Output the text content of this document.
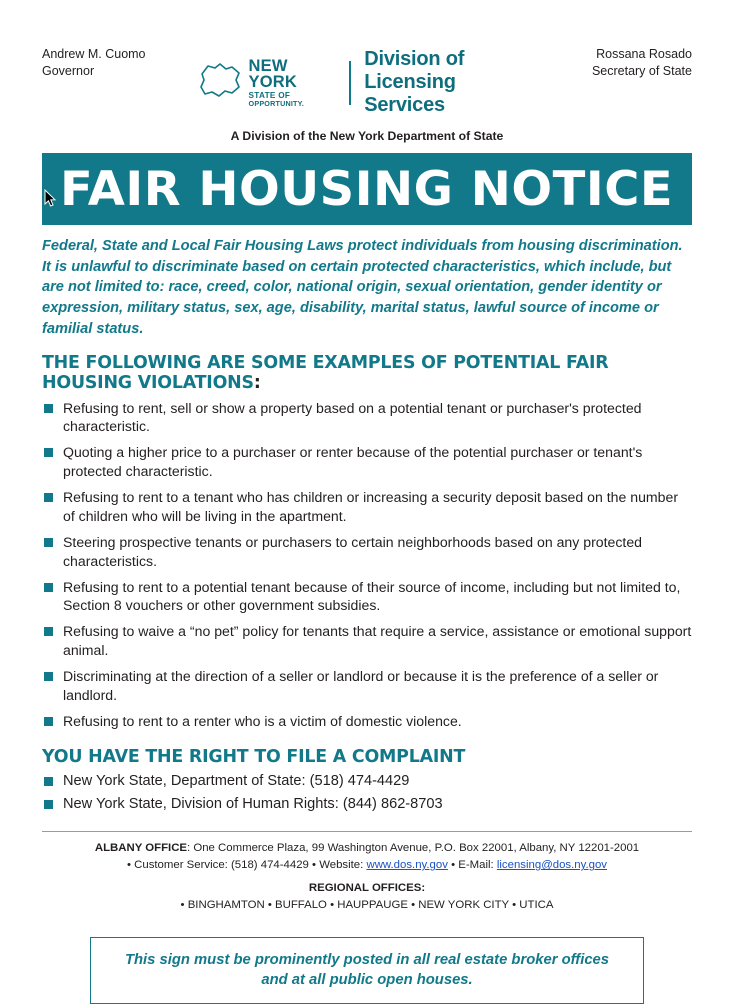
Andrew M. Cuomo
Governor	NEW YORK
STATE OF
OPPORTUNITY.
Division of
Licensing Services
Rossana Rosado
Secretary of State
A Division of the New York Department of State
FAIR HOUSING NOTICE
Federal, State and Local Fair Housing Laws protect individuals from housing discrimination. It is unlawful to discriminate based on certain protected characteristics, which include, but are not limited to: race, creed, color, national origin, sexual orientation, gender identity or expression, military status, sex, age, disability, marital status, lawful source of income or familial status.
THE FOLLOWING ARE SOME EXAMPLES OF POTENTIAL FAIR HOUSING VIOLATIONS:
Refusing to rent, sell or show a property based on a potential tenant or purchaser's protected characteristic.
Quoting a higher price to a purchaser or renter because of the potential purchaser or tenant's protected characteristic.
Refusing to rent to a tenant who has children or increasing a security deposit based on the number of children who will be living in the apartment.
Steering prospective tenants or purchasers to certain neighborhoods based on any protected characteristics.
Refusing to rent to a potential tenant because of their source of income, including but not limited to, Section 8 vouchers or other government subsidies.
Refusing to waive a “no pet” policy for tenants that require a service, assistance or emotional support animal.
Discriminating at the direction of a seller or landlord or because it is the preference of a seller or landlord.
Refusing to rent to a renter who is a victim of domestic violence.
YOU HAVE THE RIGHT TO FILE A COMPLAINT
New York State, Department of State: (518) 474-4429
New York State, Division of Human Rights: (844) 862-8703
ALBANY OFFICE: One Commerce Plaza, 99 Washington Avenue, P.O. Box 22001, Albany, NY 12201-2001
• Customer Service: (518) 474-4429 • Website: www.dos.ny.gov • E-Mail: licensing@dos.ny.gov
REGIONAL OFFICES:
• BINGHAMTON • BUFFALO • HAUPPAUGE • NEW YORK CITY • UTICA
This sign must be prominently posted in all real estate broker offices
and at all public open houses.
